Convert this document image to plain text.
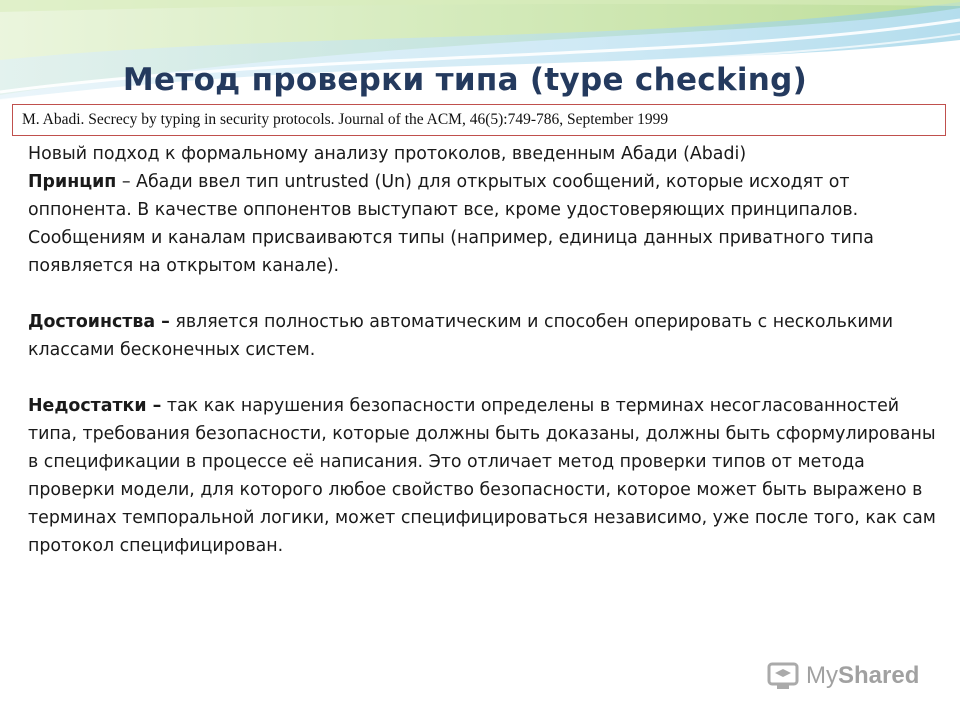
Метод проверки типа (type checking)
M. Abadi. Secrecy by typing in security protocols. Journal of the ACM, 46(5):749-786, September 1999

Новый подход к формальному анализу протоколов, введенным Абади (Abadi)

Принцип – Абади ввел тип untrusted (Un) для открытых сообщений, которые исходят от оппонента. В качестве оппонентов выступают все, кроме удостоверяющих принципалов. Сообщениям и каналам присваиваются типы (например, единица данных приватного типа появляется на открытом канале).

Достоинства – является полностью автоматическим и способен оперировать с несколькими классами бесконечных систем.

Недостатки – так как нарушения безопасности определены в терминах несогласованностей типа, требования безопасности, которые должны быть доказаны, должны быть сформулированы в спецификации в процессе её написания. Это отличает метод проверки типов от метода проверки модели, для которого любое свойство безопасности, которое может быть выражено в терминах темпоральной логики, может специфицироваться независимо, уже после того, как сам протокол специфицирован.

MyShared
